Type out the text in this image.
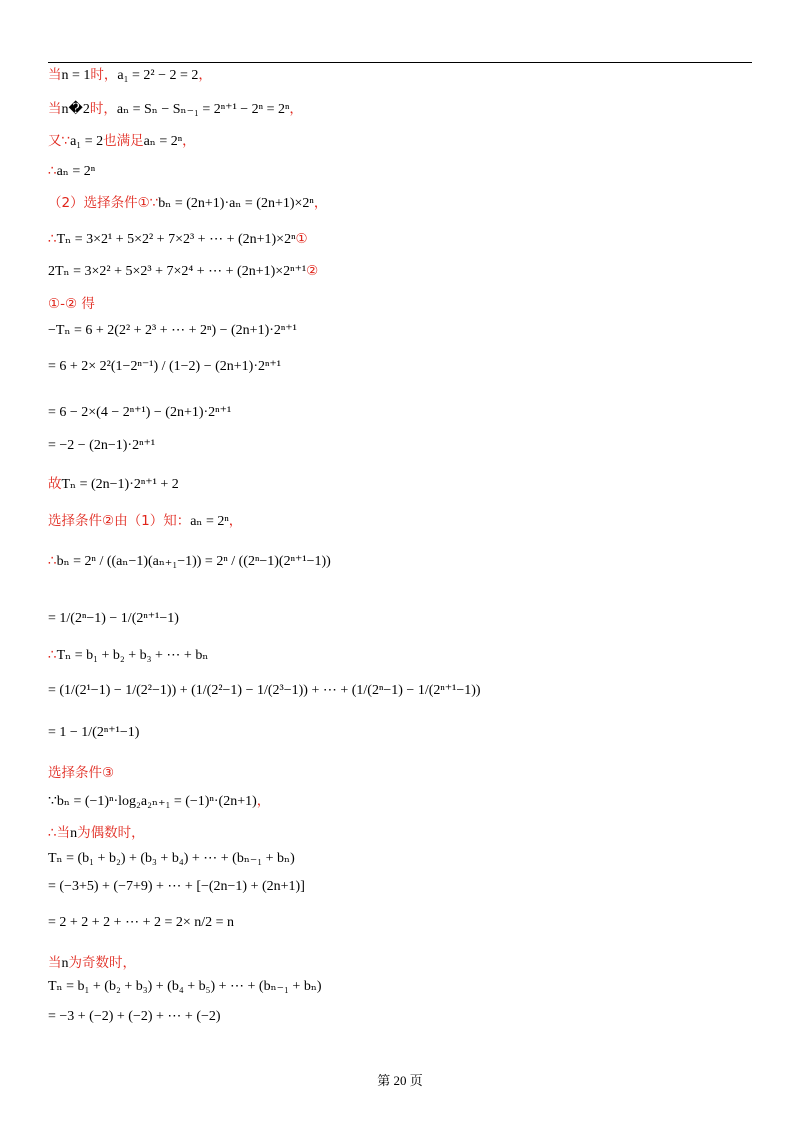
当n = 1时，a₁ = 2² − 2 = 2，
当n�2时，aₙ = Sₙ − Sₙ₋₁ = 2ⁿ⁺¹ − 2ⁿ = 2ⁿ，
又∵a₁ = 2也满足aₙ = 2ⁿ，
∴aₙ = 2ⁿ
（2）选择条件①∵bₙ = (2n+1)·aₙ = (2n+1)×2ⁿ，
∴Tₙ = 3×2¹ + 5×2² + 7×2³ + ⋯ + (2n+1)×2ⁿ①
2Tₙ = 3×2² + 5×2³ + 7×2⁴ + ⋯ + (2n+1)×2ⁿ⁺¹②
①-② 得
−Tₙ = 6 + 2(2² + 2³ + ⋯ + 2ⁿ) − (2n+1)·2ⁿ⁺¹
= 6 + 2× 2²(1−2ⁿ⁻¹) / (1−2) − (2n+1)·2ⁿ⁺¹
= 6 − 2×(4 − 2ⁿ⁺¹) − (2n+1)·2ⁿ⁺¹
= −2 − (2n−1)·2ⁿ⁺¹
故Tₙ = (2n−1)·2ⁿ⁺¹ + 2
选择条件②由（1）知：aₙ = 2ⁿ，
∴bₙ = 2ⁿ / ((aₙ−1)(aₙ₊₁−1)) = 2ⁿ / ((2ⁿ−1)(2ⁿ⁺¹−1))
= 1/(2ⁿ−1) − 1/(2ⁿ⁺¹−1)
∴Tₙ = b₁ + b₂ + b₃ + ⋯ + bₙ
= (1/(2¹−1) − 1/(2²−1)) + (1/(2²−1) − 1/(2³−1)) + ⋯ + (1/(2ⁿ−1) − 1/(2ⁿ⁺¹−1))
= 1 − 1/(2ⁿ⁺¹−1)
选择条件③
∵bₙ = (−1)ⁿ·log₂a₂ₙ₊₁ = (−1)ⁿ·(2n+1)，
∴当n为偶数时，
Tₙ = (b₁ + b₂) + (b₃ + b₄) + ⋯ + (bₙ₋₁ + bₙ)
= (−3+5) + (−7+9) + ⋯ + [−(2n−1) + (2n+1)]
= 2 + 2 + 2 + ⋯ + 2 = 2× n/2 = n
当n为奇数时，
Tₙ = b₁ + (b₂ + b₃) + (b₄ + b₅) + ⋯ + (bₙ₋₁ + bₙ)
= −3 + (−2) + (−2) + ⋯ + (−2)
第 20 页
